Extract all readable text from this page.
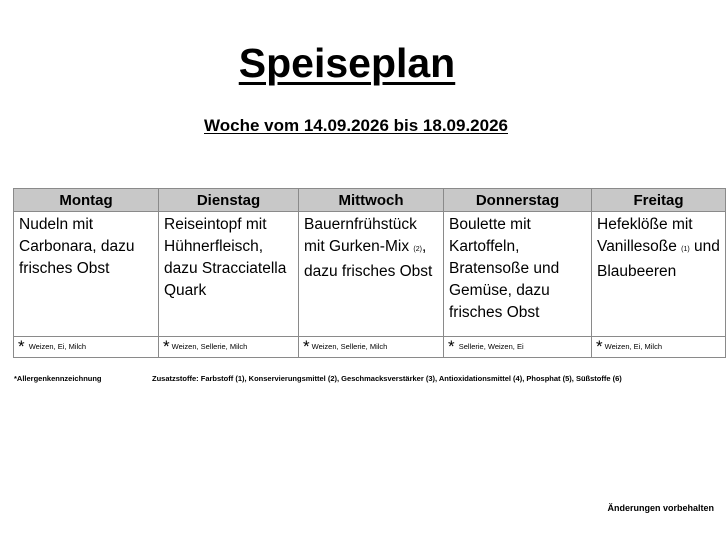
Speiseplan
Woche vom 14.09.2026 bis 18.09.2026
Montag	Dienstag	Mittwoch	Donnerstag	Freitag
Nudeln mit
Carbonara, dazu
frisches Obst	Reiseintopf mit
Hühnerfleisch,
dazu Stracciatella
Quark	Bauernfrühstück mit Gurken-Mix (2), dazu frisches Obst	Boulette mit
Kartoffeln,
Bratensoße und
Gemüse, dazu
frisches Obst	Hefeklöße mit Vanillesoße (1) und Blaubeeren
* Weizen, Ei, Milch	* Weizen, Sellerie, Milch	* Weizen, Sellerie, Milch	* Sellerie, Weizen, Ei	* Weizen, Ei, Milch
*Allergenkennzeichnung	Zusatzstoffe: Farbstoff (1), Konservierungsmittel (2), Geschmacksverstärker (3), Antioxidationsmittel (4), Phosphat (5), Süßstoffe (6)
Änderungen vorbehalten
